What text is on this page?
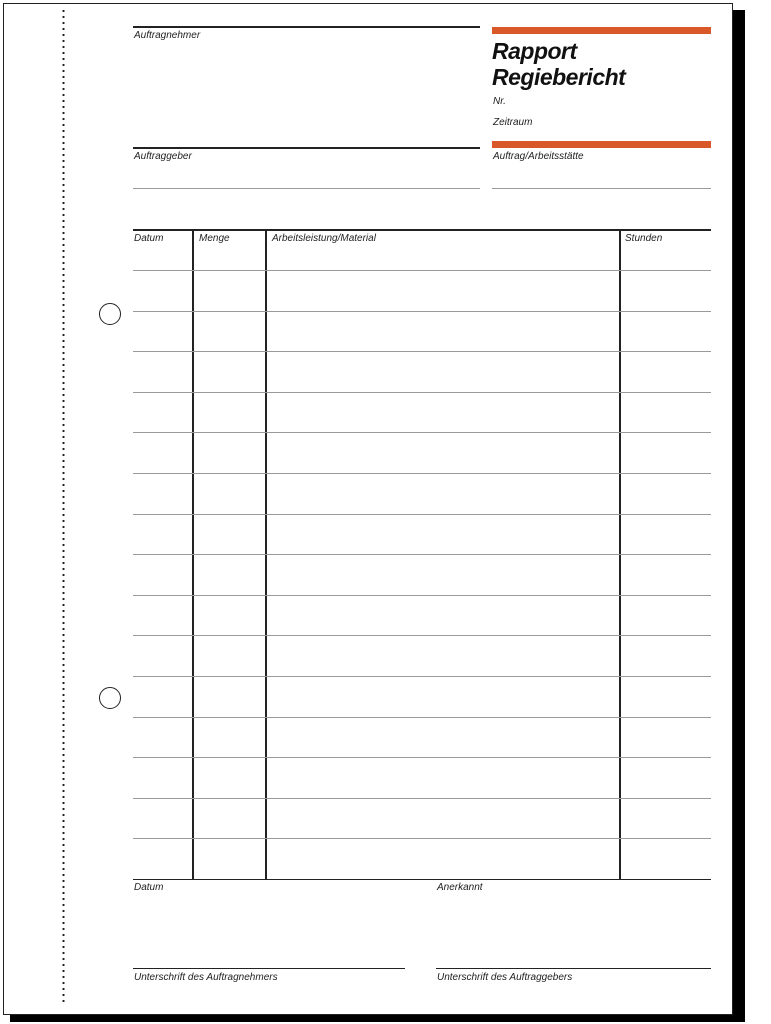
Auftragnehmer
Auftraggeber
Rapport
Regiebericht
Nr.
Zeitraum
Auftrag/Arbeitsstätte
Datum	Menge	Arbeitsleistung/Material	Stunden
Datum	Anerkannt
Unterschrift des Auftragnehmers	Unterschrift des Auftraggebers
